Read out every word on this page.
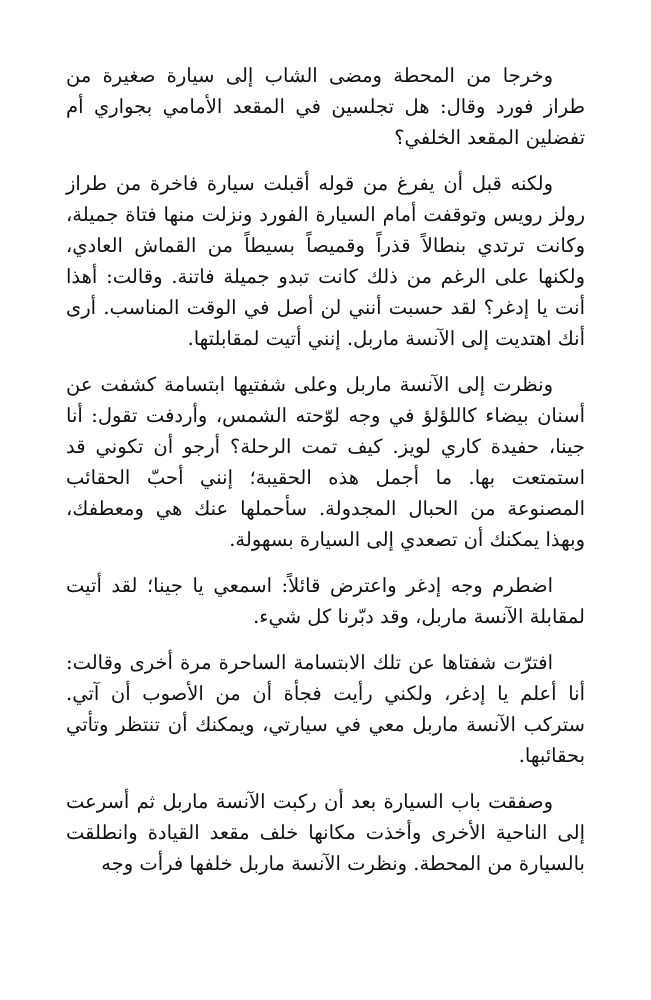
وخرجا من المحطة ومضى الشاب إلى سيارة صغيرة من طراز فورد وقال: هل تجلسين في المقعد الأمامي بجواري أم تفضلين المقعد الخلفي؟

ولكنه قبل أن يفرغ من قوله أقبلت سيارة فاخرة من طراز رولز رويس وتوقفت أمام السيارة الفورد ونزلت منها فتاة جميلة، وكانت ترتدي بنطالاً قذراً وقميصاً بسيطاً من القماش العادي، ولكنها على الرغم من ذلك كانت تبدو جميلة فاتنة. وقالت: أهذا أنت يا إدغر؟ لقد حسبت أنني لن أصل في الوقت المناسب. أرى أنك اهتديت إلى الآنسة ماربل. إنني أتيت لمقابلتها.

ونظرت إلى الآنسة ماربل وعلى شفتيها ابتسامة كشفت عن أسنان بيضاء كاللؤلؤ في وجه لوّحته الشمس، وأردفت تقول: أنا جينا، حفيدة كاري لويز. كيف تمت الرحلة؟ أرجو أن تكوني قد استمتعت بها. ما أجمل هذه الحقيبة؛ إنني أحبّ الحقائب المصنوعة من الحبال المجدولة. سأحملها عنك هي ومعطفك، وبهذا يمكنك أن تصعدي إلى السيارة بسهولة.

اضطرم وجه إدغر واعترض قائلاً: اسمعي يا جينا؛ لقد أتيت لمقابلة الآنسة ماربل، وقد دبّرنا كل شيء.

افترّت شفتاها عن تلك الابتسامة الساحرة مرة أخرى وقالت: أنا أعلم يا إدغر، ولكني رأيت فجأة أن من الأصوب أن آتي. ستركب الآنسة ماربل معي في سيارتي، ويمكنك أن تنتظر وتأتي بحقائبها.

وصفقت باب السيارة بعد أن ركبت الآنسة ماربل ثم أسرعت إلى الناحية الأخرى وأخذت مكانها خلف مقعد القيادة وانطلقت بالسيارة من المحطة. ونظرت الآنسة ماربل خلفها فرأت وجه
